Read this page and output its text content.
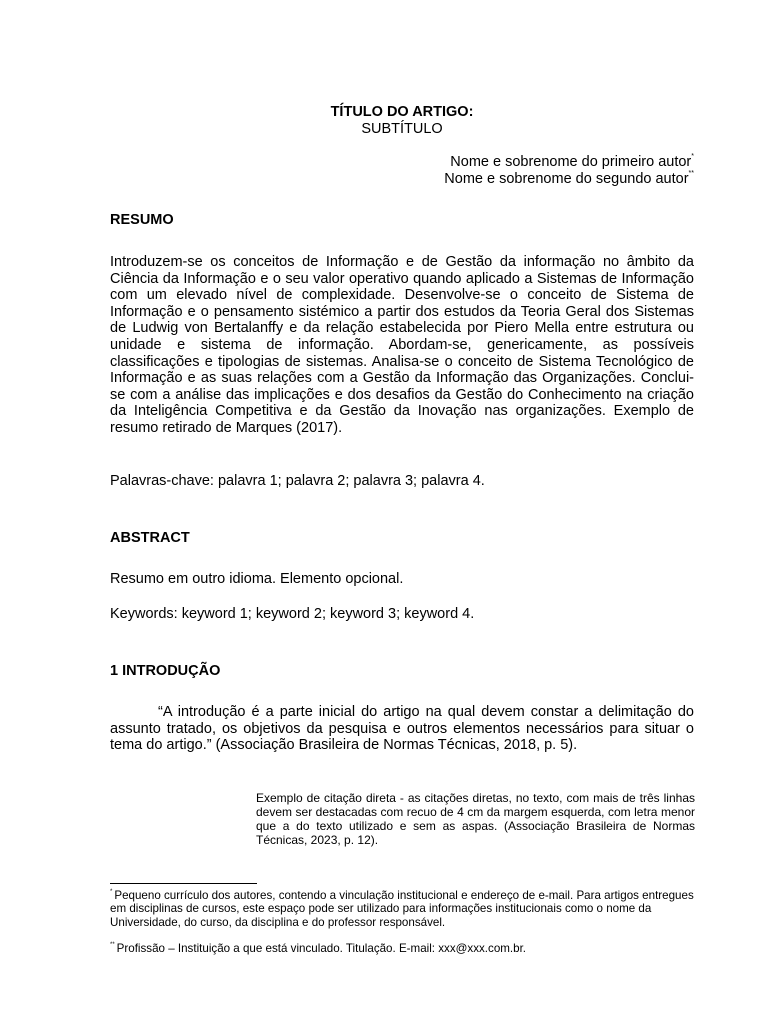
TÍTULO DO ARTIGO:
SUBTÍTULO
Nome e sobrenome do primeiro autor*
Nome e sobrenome do segundo autor**
RESUMO
Introduzem-se os conceitos de Informação e de Gestão da informação no âmbito da Ciência da Informação e o seu valor operativo quando aplicado a Sistemas de Informação com um elevado nível de complexidade. Desenvolve-se o conceito de Sistema de Informação e o pensamento sistémico a partir dos estudos da Teoria Geral dos Sistemas de Ludwig von Bertalanffy e da relação estabelecida por Piero Mella entre estrutura ou unidade e sistema de informação. Abordam-se, genericamente, as possíveis classificações e tipologias de sistemas. Analisa-se o conceito de Sistema Tecnológico de Informação e as suas relações com a Gestão da Informação das Organizações. Conclui-se com a análise das implicações e dos desafios da Gestão do Conhecimento na criação da Inteligência Competitiva e da Gestão da Inovação nas organizações. Exemplo de resumo retirado de Marques (2017).
Palavras-chave: palavra 1; palavra 2; palavra 3; palavra 4.
ABSTRACT
Resumo em outro idioma. Elemento opcional.
Keywords: keyword 1; keyword 2; keyword 3; keyword 4.
1 INTRODUÇÃO
“A introdução é a parte inicial do artigo na qual devem constar a delimitação do assunto tratado, os objetivos da pesquisa e outros elementos necessários para situar o tema do artigo.” (Associação Brasileira de Normas Técnicas, 2018, p. 5).
Exemplo de citação direta - as citações diretas, no texto, com mais de três linhas devem ser destacadas com recuo de 4 cm da margem esquerda, com letra menor que a do texto utilizado e sem as aspas. (Associação Brasileira de Normas Técnicas, 2023, p. 12).
* Pequeno currículo dos autores, contendo a vinculação institucional e endereço de e-mail. Para artigos entregues em disciplinas de cursos, este espaço pode ser utilizado para informações institucionais como o nome da Universidade, do curso, da disciplina e do professor responsável.
** Profissão – Instituição a que está vinculado. Titulação. E-mail: xxx@xxx.com.br.
